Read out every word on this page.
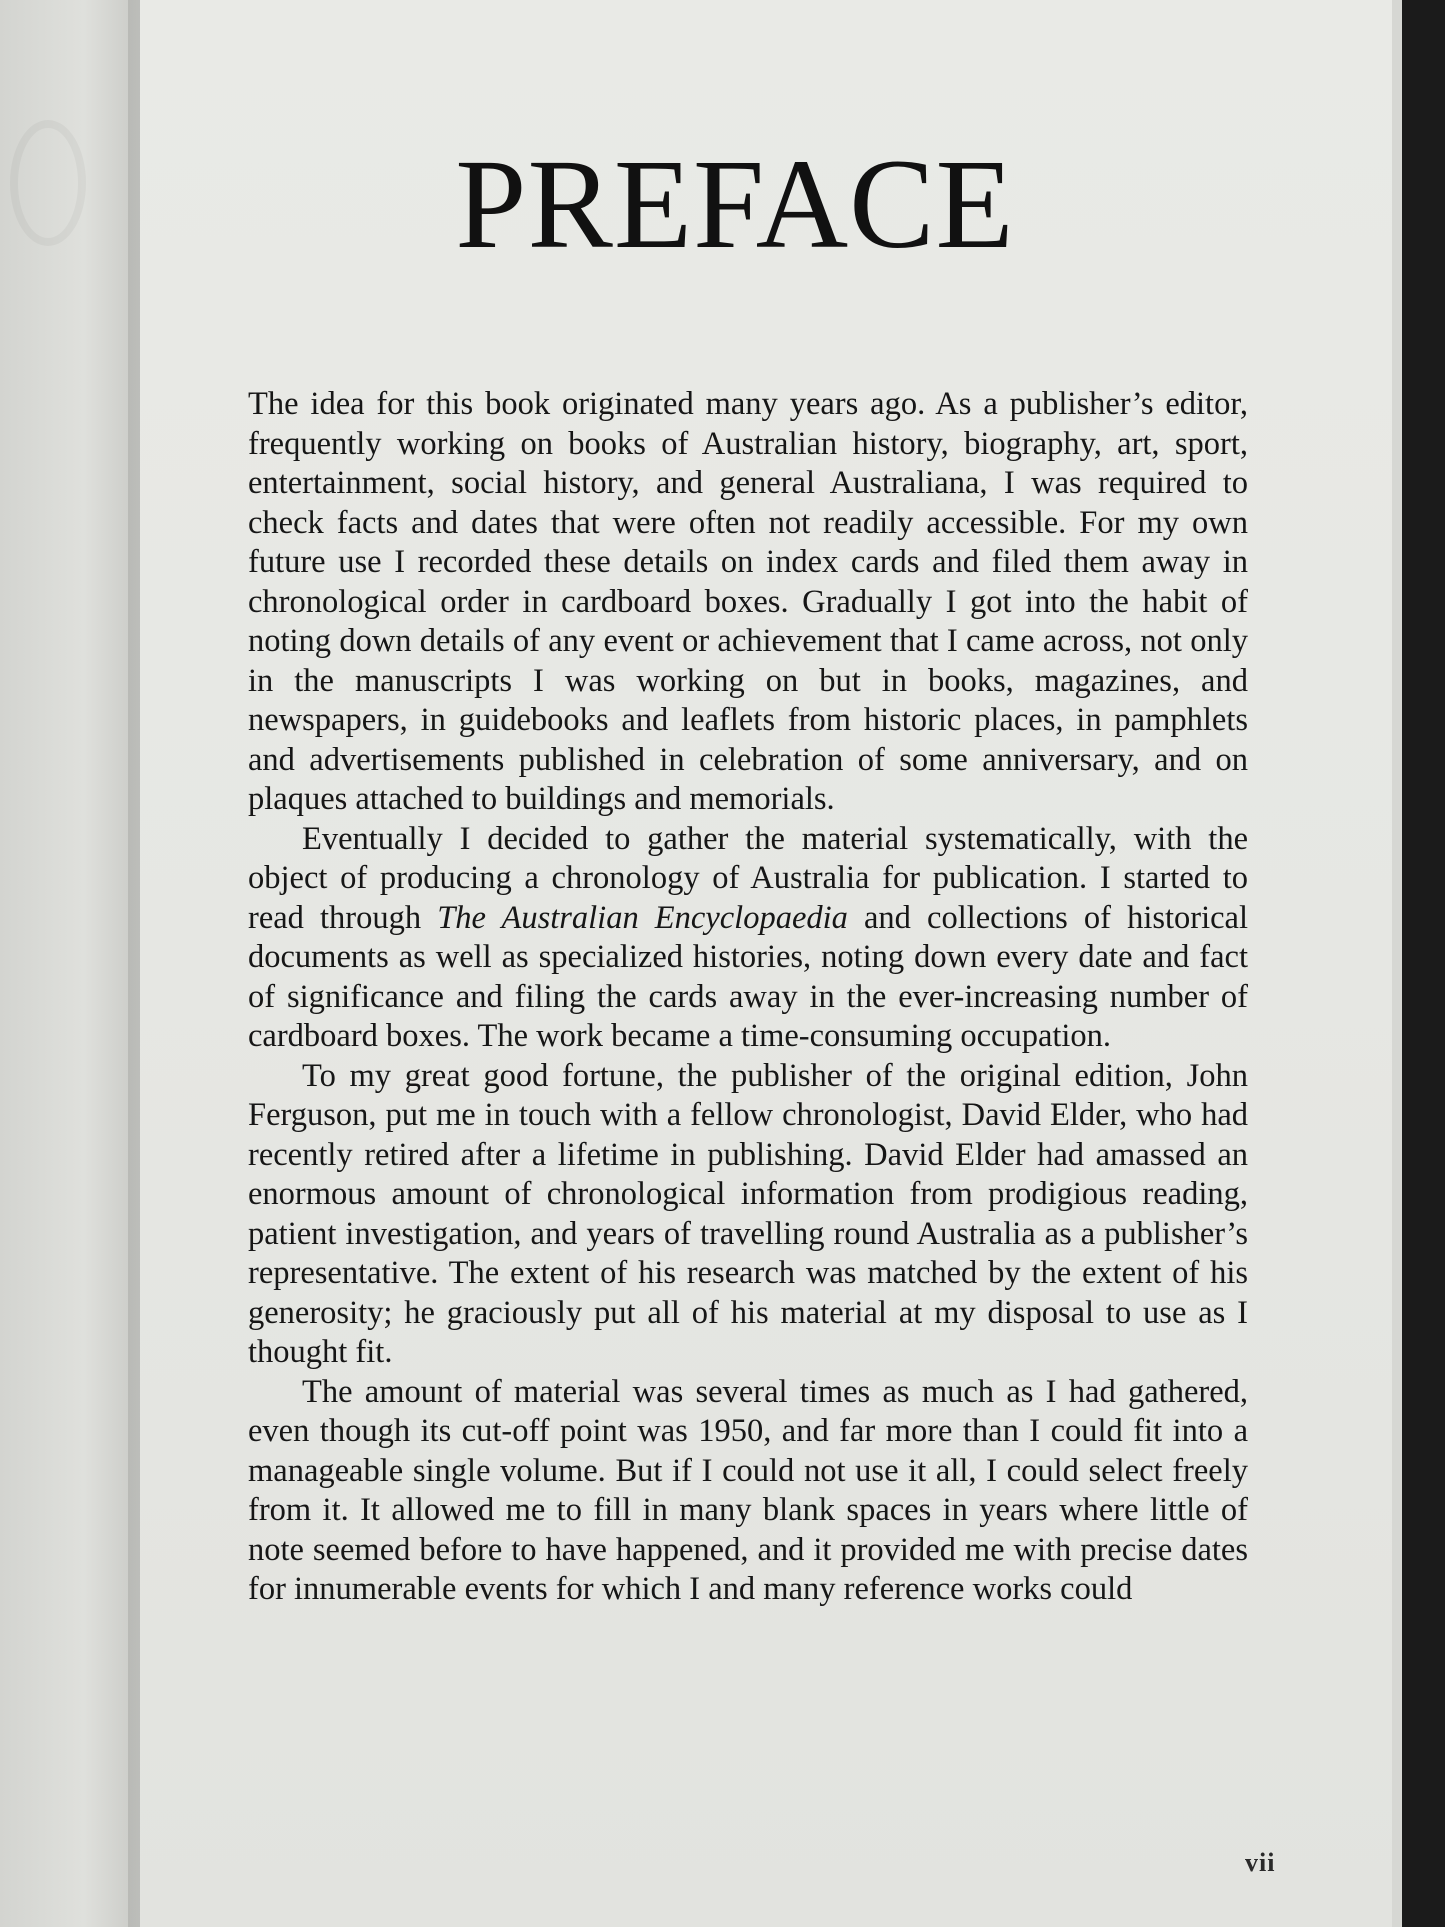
PREFACE

The idea for this book originated many years ago. As a publisher’s editor, frequently working on books of Australian history, biography, art, sport, entertainment, social history, and general Australiana, I was required to check facts and dates that were often not readily accessible. For my own future use I recorded these details on index cards and filed them away in chronological order in cardboard boxes. Gradually I got into the habit of noting down details of any event or achievement that I came across, not only in the manuscripts I was working on but in books, magazines, and newspapers, in guidebooks and leaflets from historic places, in pamphlets and advertisements published in celebration of some anniversary, and on plaques attached to buildings and memorials.

Eventually I decided to gather the material systematically, with the object of producing a chronology of Australia for publication. I started to read through The Australian Encyclopaedia and collections of historical documents as well as specialized histories, noting down every date and fact of significance and filing the cards away in the ever-increasing number of cardboard boxes. The work became a time-consuming occupation.

To my great good fortune, the publisher of the original edition, John Ferguson, put me in touch with a fellow chronologist, David Elder, who had recently retired after a lifetime in publishing. David Elder had amassed an enormous amount of chronological information from prodigious reading, patient investigation, and years of travelling round Australia as a publisher’s representative. The extent of his research was matched by the extent of his generosity; he graciously put all of his material at my disposal to use as I thought fit.

The amount of material was several times as much as I had gathered, even though its cut-off point was 1950, and far more than I could fit into a manageable single volume. But if I could not use it all, I could select freely from it. It allowed me to fill in many blank spaces in years where little of note seemed before to have happened, and it provided me with precise dates for innumerable events for which I and many reference works could

vii
